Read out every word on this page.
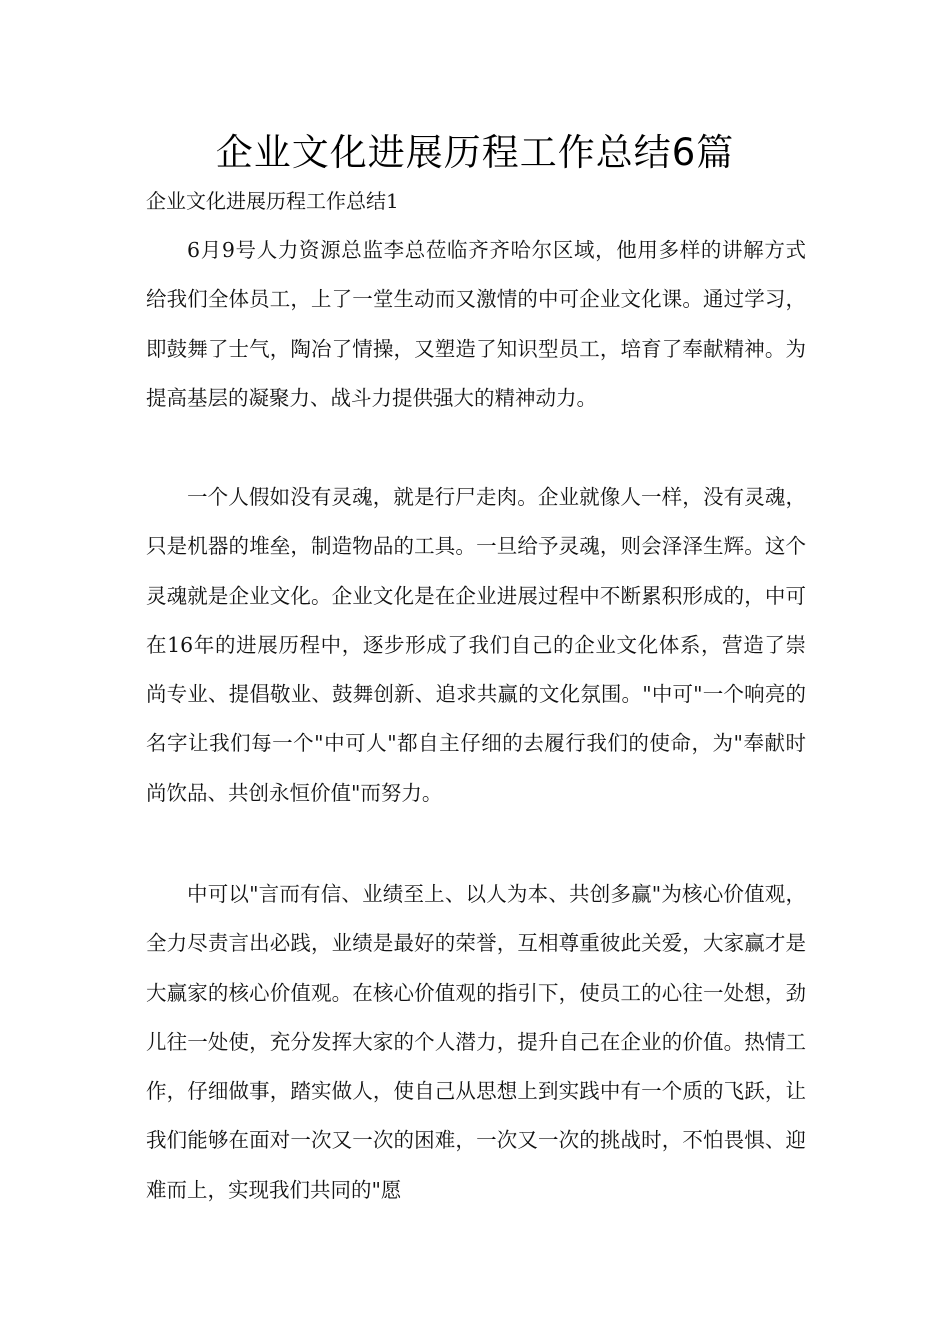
企业文化进展历程工作总结6篇
企业文化进展历程工作总结1

6月9号人力资源总监李总莅临齐齐哈尔区域，他用多样的讲解方式给我们全体员工，上了一堂生动而又激情的中可企业文化课。通过学习，即鼓舞了士气，陶冶了情操，又塑造了知识型员工，培育了奉献精神。为提高基层的凝聚力、战斗力提供强大的精神动力。

一个人假如没有灵魂，就是行尸走肉。企业就像人一样，没有灵魂，只是机器的堆垒，制造物品的工具。一旦给予灵魂，则会泽泽生辉。这个灵魂就是企业文化。企业文化是在企业进展过程中不断累积形成的，中可在16年的进展历程中，逐步形成了我们自己的企业文化体系，营造了崇尚专业、提倡敬业、鼓舞创新、追求共赢的文化氛围。"中可"一个响亮的名字让我们每一个"中可人"都自主仔细的去履行我们的使命，为"奉献时尚饮品、共创永恒价值"而努力。

中可以"言而有信、业绩至上、以人为本、共创多赢"为核心价值观，全力尽责言出必践，业绩是最好的荣誉，互相尊重彼此关爱，大家赢才是大赢家的核心价值观。在核心价值观的指引下，使员工的心往一处想，劲儿往一处使，充分发挥大家的个人潜力，提升自己在企业的价值。热情工作，仔细做事，踏实做人，使自己从思想上到实践中有一个质的飞跃，让我们能够在面对一次又一次的困难，一次又一次的挑战时，不怕畏惧、迎难而上，实现我们共同的"愿
